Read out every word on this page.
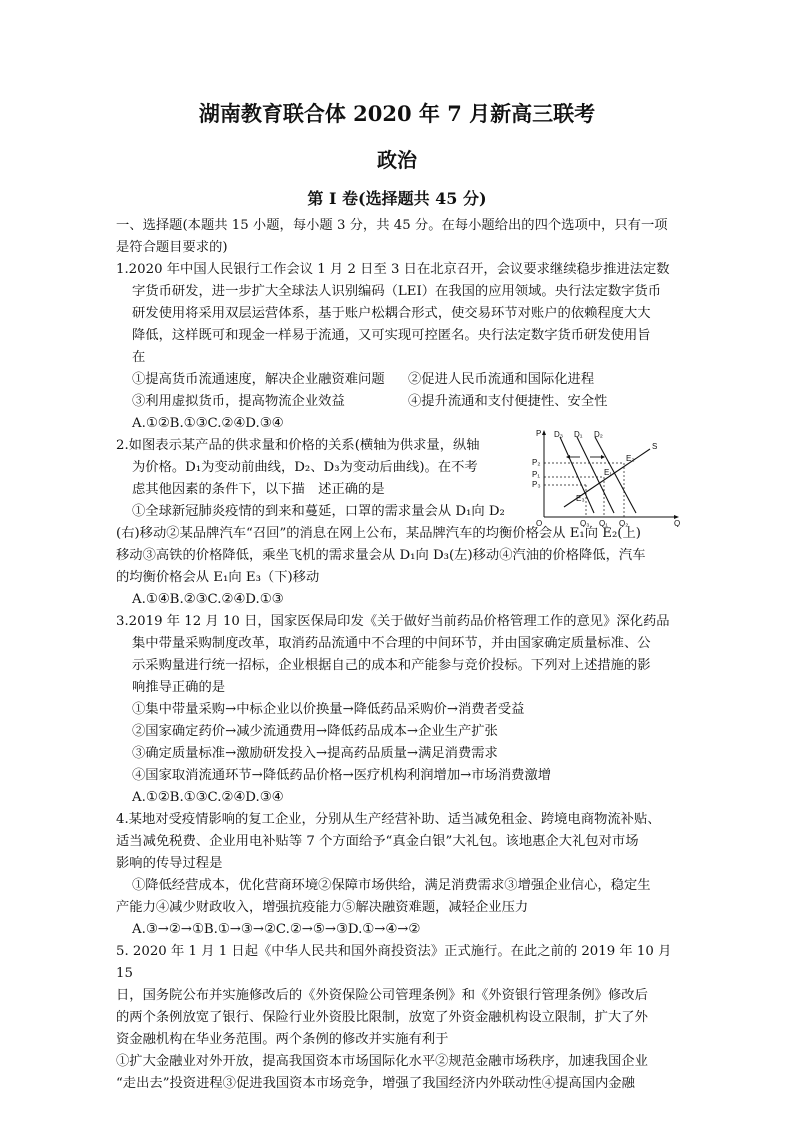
湖南教育联合体 2020 年 7 月新高三联考
政治
第 I 卷(选择题共 45 分)

一、选择题(本题共 15 小题，每小题 3 分，共 45 分。在每小题给出的四个选项中，只有一项

是符合题目要求的)

1.2020 年中国人民银行工作会议 1 月 2 日至 3 日在北京召开，会议要求继续稳步推进法定数

字货币研发，进一步扩大全球法人识别编码（LEI）在我国的应用领域。央行法定数字货币

研发使用将采用双层运营体系，基于账户松耦合形式，使交易环节对账户的依赖程度大大

降低，这样既可和现金一样易于流通，又可实现可控匿名。央行法定数字货币研发使用旨

在

①提高货币流通速度，解决企业融资难问题	②促进人民币流通和国际化进程
③利用虚拟货币，提高物流企业效益	④提升流通和支付便捷性、安全性

A.①②B.①③C.②④D.③④

2.如图表示某产品的供求量和价格的关系(横轴为供求量，纵轴

为价格。D₁为变动前曲线，D₂、D₃为变动后曲线)。在不考

虑其他因素的条件下，以下描　述正确的是

①全球新冠肺炎疫情的到来和蔓延，口罩的需求量会从 D₁向 D₂

P
Q
O
D₃ D₁ D₂
S
P₂
P₁
P₃
E₁
E₂
E₃
Q₃ Q₁ Q₂

(右)移动②某品牌汽车“召回”的消息在网上公布，某品牌汽车的均衡价格会从 E₁向 E₂(上)

移动③高铁的价格降低，乘坐飞机的需求量会从 D₁向 D₃(左)移动④汽油的价格降低，汽车

的均衡价格会从 E₁向 E₃（下)移动

A.①④B.②③C.②④D.①③

3.2019 年 12 月 10 日，国家医保局印发《关于做好当前药品价格管理工作的意见》深化药品

集中带量采购制度改革，取消药品流通中不合理的中间环节，并由国家确定质量标准、公

示采购量进行统一招标，企业根据自己的成本和产能参与竞价投标。下列对上述措施的影

响推导正确的是

①集中带量采购→中标企业以价换量→降低药品采购价→消费者受益

②国家确定药价→减少流通费用→降低药品成本→企业生产扩张

③确定质量标准→激励研发投入→提高药品质量→满足消费需求

④国家取消流通环节→降低药品价格→医疗机构利润增加→市场消费激增

A.①②B.①③C.②④D.③④

4.某地对受疫情影响的复工企业，分别从生产经营补助、适当减免租金、跨境电商物流补贴、

适当减免税费、企业用电补贴等 7 个方面给予“真金白银”大礼包。该地惠企大礼包对市场

影响的传导过程是

①降低经营成本，优化营商环境②保障市场供给，满足消费需求③增强企业信心，稳定生

产能力④减少财政收入，增强抗疫能力⑤解决融资难题，减轻企业压力

A.③→②→①B.①→③→②C.②→⑤→③D.①→④→②

5. 2020 年 1 月 1 日起《中华人民共和国外商投资法》正式施行。在此之前的 2019 年 10 月 15

日，国务院公布并实施修改后的《外资保险公司管理条例》和《外资银行管理条例》修改后

的两个条例放宽了银行、保险行业外资股比限制，放宽了外资金融机构设立限制，扩大了外

资金融机构在华业务范围。两个条例的修改并实施有利于

①扩大金融业对外开放，提高我国资本市场国际化水平②规范金融市场秩序，加速我国企业

“走出去”投资进程③促进我国资本市场竞争，增强了我国经济内外联动性④提高国内金融
